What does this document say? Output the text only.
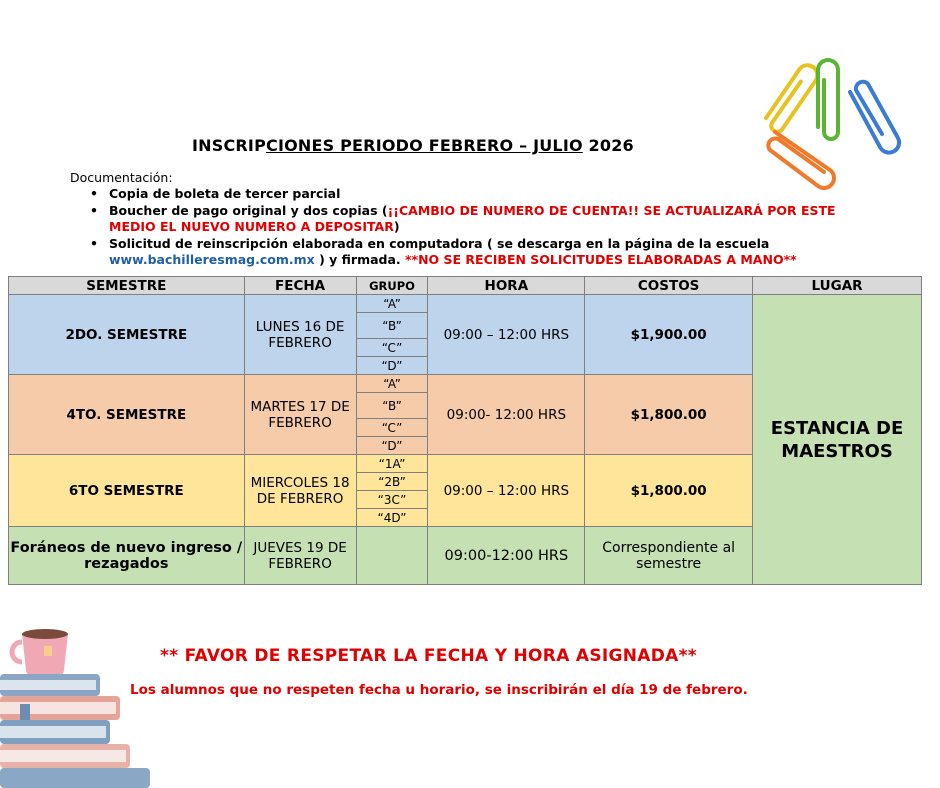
INSCRIPCIONES PERIODO FEBRERO – JULIO 2026
Documentación:
• Copia de boleta de tercer parcial
• Boucher de pago original y dos copias (¡¡CAMBIO DE NUMERO DE CUENTA!! SE ACTUALIZARÁ POR ESTE MEDIO EL NUEVO NUMERO A DEPOSITAR)
• Solicitud de reinscripción elaborada en computadora ( se descarga en la página de la escuela www.bachilleresmag.com.mx ) y firmada. **NO SE RECIBEN SOLICITUDES ELABORADAS A MANO**
SEMESTRE	FECHA	GRUPO	HORA	COSTOS	LUGAR
2DO. SEMESTRE	LUNES 16 DE FEBRERO	“A”	09:00 – 12:00 HRS	$1,900.00	ESTANCIA DE MAESTROS
		“B”			
		“C”			
		“D”			
4TO. SEMESTRE	MARTES 17 DE FEBRERO	“A”	09:00- 12:00 HRS	$1,800.00	
		“B”			
		“C”			
		“D”			
6TO SEMESTRE	MIERCOLES 18 DE FEBRERO	“1A”	09:00 – 12:00 HRS	$1,800.00	
		“2B”			
		“3C”			
		“4D”			
Foráneos de nuevo ingreso / rezagados	JUEVES 19 DE FEBRERO		09:00-12:00 HRS	Correspondiente al semestre	
** FAVOR DE RESPETAR LA FECHA Y HORA ASIGNADA**
Los alumnos que no respeten fecha u horario, se inscribirán el día 19 de febrero.
